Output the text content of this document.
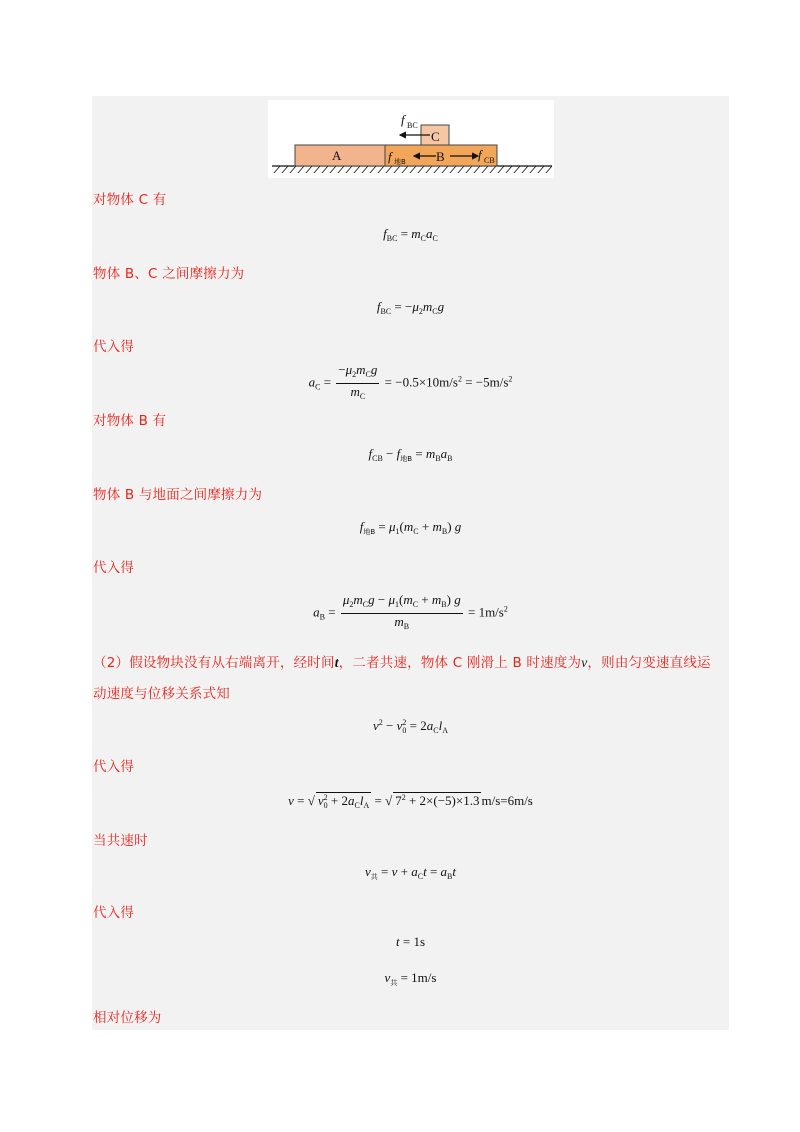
A	B
C
f BC
f 地B	f CB
对物体 C 有
$f_{BC} = m_Ca_C$
物体 B、C 之间摩擦力为
$f_{BC} = -\mu_2m_Cg$
代入得
$a_C = \frac{-\mu_2m_Cg}{m_C} = -0.5\times 10m/s^2 = -5m/s^2$
对物体 B 有
$f_{CB} - f_{地B} = m_Ba_B$
物体 B 与地面之间摩擦力为
$f_{地B} = \mu_1(m_C + m_B)$ g
代入得
$a_B = \frac{\mu_2m_Cg - \mu_1(m_C + m_B) g}{m_B} = 1m/s^2$
（2）假设物块没有从右端离开，经时间t，二者共速，物体 C 刚滑上 B 时速度为v，则由匀变速直线运
动速度与位移关系式知
$v^2 - v_0^2 = 2a_Cl_A$
代入得
v = √ $v_0^2 + 2a_Cl_A$ = √ $7^2 + 2\times(-5)\times 1.3$ m/s=6m/s
当共速时
$v_共 = v + a_Ct = a_Bt$
代入得
t = 1s
$v_共 = 1m/s$
相对位移为
